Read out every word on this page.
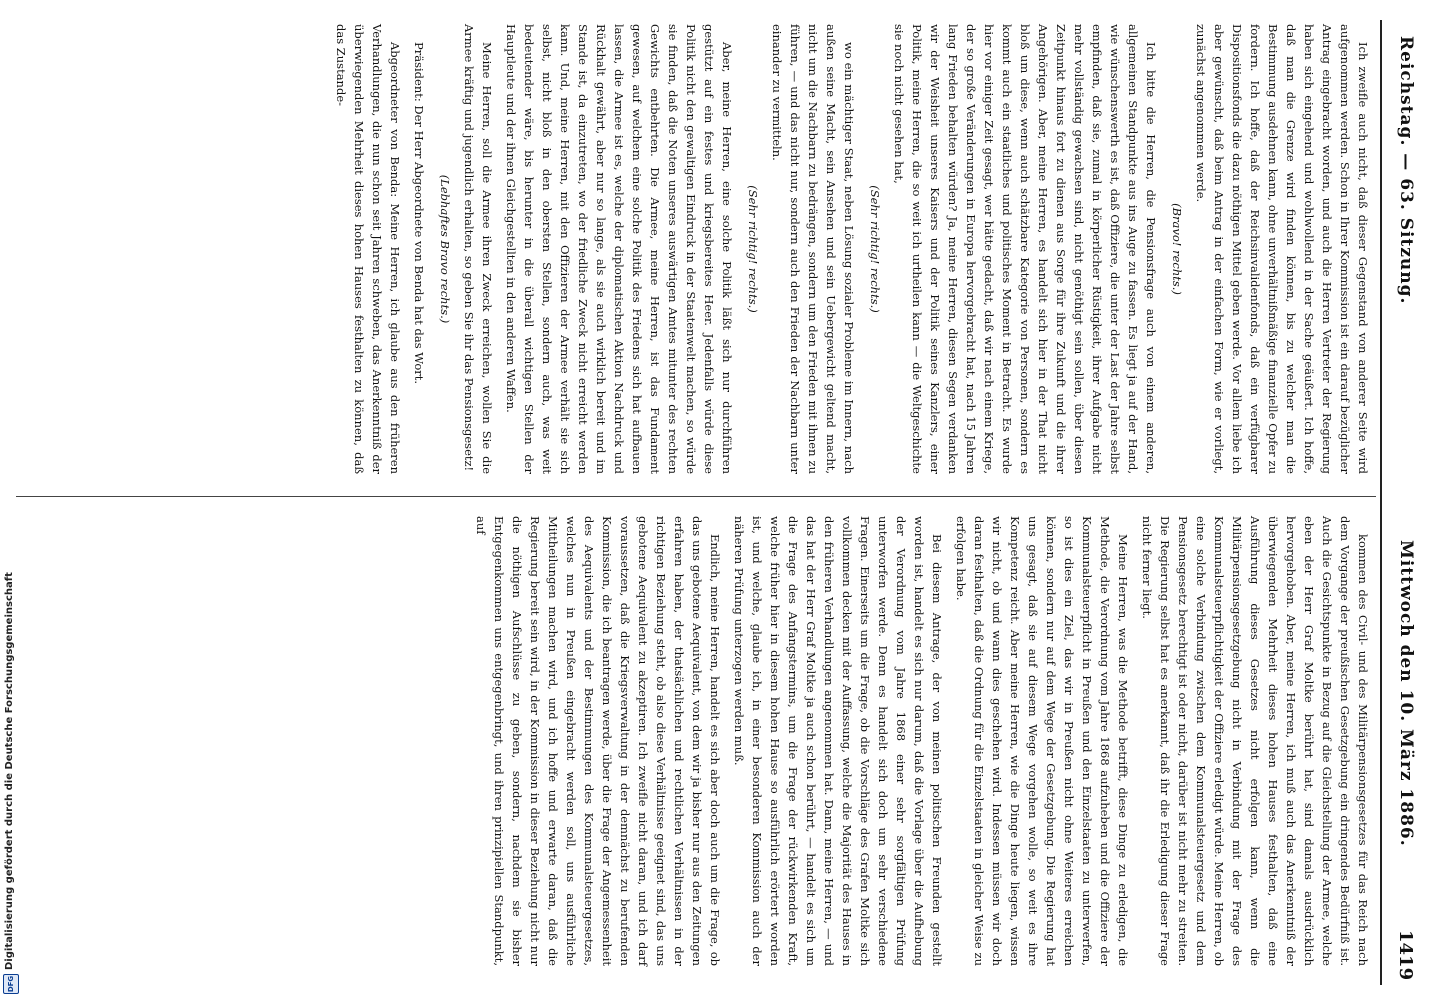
Reichstag. — 63. Sitzung.
Mittwoch den 10. März 1886.
1419

Ich zweifle auch nicht, daß dieser Gegenstand von anderer Seite wird aufgenommen werden. Schon in Ihrer Kommission ist ein darauf bezüglicher Antrag eingebracht worden, und auch die Herren Vertreter der Regierung haben sich eingehend und wohlwollend in der Sache geäußert. Ich hoffe, daß man die Grenze wird finden können, bis zu welcher man die Bestimmung ausdehnen kann, ohne unverhältnißmäßige finanzielle Opfer zu fordern. Ich hoffe, daß der Reichsinvalidenfonds, daß ein verfügbarer Dispositionsfonds die dazu nöthigen Mittel geben werde. Vor allem liebe ich aber gewünscht, daß beim Antrag in der einfachen Form, wie er vorliegt, zunächst angenommen werde.

(Bravo! rechts.)

Ich bitte die Herren, die Pensionsfrage auch von einem anderen, allgemeinen Standpunkte aus ins Auge zu fassen. Es liegt ja auf der Hand, wie wünschenswerth es ist, daß Offiziere, die unter der Last der Jahre selbst empfinden, daß sie, zumal in körperlicher Rüstigkeit, ihrer Aufgabe nicht mehr vollständig gewachsen sind, nicht genöthigt sein sollen, über diesen Zeitpunkt hinaus fort zu dienen aus Sorge für ihre Zukunft und die ihrer Angehörigen. Aber, meine Herren, es handelt sich hier in der That nicht bloß um diese, wenn auch schätzbare Kategorie von Personen, sondern es kommt auch ein staatliches und politisches Moment in Betracht. Es wurde hier vor einiger Zeit gesagt, wer hätte gedacht, daß wir nach einem Kriege, der so große Veränderungen in Europa hervorgebracht hat, nach 15 Jahren lang Frieden behalten würden? Ja, meine Herren, diesen Segen verdanken wir der Weisheit unseres Kaisers und der Politik seines Kanzlers, einer Politik, meine Herren, die so weit ich urtheilen kann — die Weltgeschichte sie noch nicht gesehen hat,

(Sehr richtig! rechts.)

wo ein mächtiger Staat, neben Lösung sozialer Probleme im Innern, nach außen seine Macht, sein Ansehen und sein Uebergewicht geltend macht, nicht um die Nachbarn zu bedrängen, sondern um den Frieden mit ihnen zu führen, — und das nicht nur, sondern auch den Frieden der Nachbarn unter einander zu vermitteln.

(Sehr richtig! rechts.)

Aber, meine Herren, eine solche Politik läßt sich nur durchführen gestützt auf ein festes und kriegsbereites Heer. Jedenfalls würde diese Politik nicht den gewaltigen Eindruck in der Staatenwelt machen, so würde sie finden, daß die Noten unseres auswärtigen Amtes mitunter des rechten Gewichts entbehrten. Die Armee, meine Herren, ist das Fundament gewesen, auf welchem eine solche Politik des Friedens sich hat aufbauen lassen, die Armee ist es, welche der diplomatischen Aktion Nachdruck und Rückhalt gewährt, aber nur so lange, als sie auch wirklich bereit und im Stande ist, da einzutreten, wo der friedliche Zweck nicht erreicht werden kann. Und, meine Herren, mit den Offizieren der Armee verhält sie sich selbst, nicht bloß in den obersten Stellen, sondern auch, was weit bedeutender wäre, bis herunter in die überall wichtigen Stellen der Hauptleute und der ihnen Gleichgestellten in den anderen Waffen.

Meine Herren, soll die Armee ihren Zweck erreichen, wollen Sie die Armee kräftig und jugendlich erhalten, so geben Sie ihr das Pensionsgesetz!

(Lebhaftes Bravo rechts.)

Präsident: Der Herr Abgeordnete von Benda hat das Wort.

Abgeordneter von Benda: Meine Herren, ich glaube aus den früheren Verhandlungen, die nun schon seit Jahren schweben, das Anerkenntniß der überwiegenden Mehrheit dieses hohen Hauses festhalten zu können, daß das Zustande-

kommen des Civil- und des Militärpensionsgesetzes für das Reich nach dem Vorgange der preußischen Gesetzgebung ein dringendes Bedürfniß ist. Auch die Gesichtspunkte in Bezug auf die Gleichstellung der Armee, welche eben der Herr Graf Moltke berührt hat, sind damals ausdrücklich hervorgehoben. Aber, meine Herren, ich muß auch das Anerkenntniß der überwiegenden Mehrheit dieses hohen Hauses festhalten, daß eine Ausführung dieses Gesetzes nicht erfolgen kann, wenn die Militärpensionsgesetzgebung nicht in Verbindung mit der Frage des Kommunalsteuerpflichtigkeit der Offiziere erledigt würde. Meine Herren, ob eine solche Verbindung zwischen dem Kommunalsteuergesetz und dem Pensionsgesetz berechtigt ist oder nicht, darüber ist nicht mehr zu streiten. Die Regierung selbst hat es anerkannt, daß ihr die Erledigung dieser Frage nicht ferner liegt.

Meine Herren, was die Methode betrifft, diese Dinge zu erledigen, die Methode, die Verordnung vom Jahre 1868 aufzuheben und die Offiziere der Kommunalsteuerpflicht in Preußen und den Einzelstaaten zu unterwerfen, so ist dies ein Ziel, das wir in Preußen nicht ohne Weiteres erreichen können, sondern nur auf dem Wege der Gesetzgebung. Die Regierung hat uns gesagt, daß sie auf diesem Wege vorgehen wolle, so weit es ihre Kompetenz reicht. Aber meine Herren, wie die Dinge heute liegen, wissen wir nicht, ob und wann dies geschehen wird. Indessen müssen wir doch daran festhalten, daß die Ordnung für die Einzelstaaten in gleicher Weise zu erfolgen habe.

Bei diesem Antrage, der von meinen politischen Freunden gestellt worden ist, handelt es sich nur darum, daß die Vorlage über die Aufhebung der Verordnung vom Jahre 1868 einer sehr sorgfältigen Prüfung unterworfen werde. Denn es handelt sich doch um sehr verschiedene Fragen. Einerseits um die Frage, ob die Vorschläge des Grafen Moltke sich vollkommen decken mit der Auffassung, welche die Majorität des Hauses in den früheren Verhandlungen angenommen hat. Dann, meine Herren, — und das hat der Herr Graf Moltke ja auch schon berührt, — handelt es sich um die Frage des Anfangstermins, um die Frage der rückwirkenden Kraft, welche früher hier in diesem hohen Hause so ausführlich erörtert worden ist, und welche, glaube ich, in einer besonderen Kommission auch der näheren Prüfung unterzogen werden muß.

Endlich, meine Herren, handelt es sich aber doch auch um die Frage, ob das uns gebotene Aequivalent, von dem wir ja bisher nur aus den Zeitungen erfahren haben, der thatsächlichen und rechtlichen Verhältnissen in der richtigen Beziehung steht, ob also diese Verhältnisse geeignet sind, das uns gebotene Aequivalent zu akzeptiren. Ich zweifle nicht daran, und ich darf voraussetzen, daß die Kriegsverwaltung in der demnächst zu berufenden Kommission, die ich beantragen werde, über die Frage der Angemessenheit des Aequivalents und der Bestimmungen des Kommunalsteuergesetzes, welches nun in Preußen eingebracht werden soll, uns ausführliche Mittheilungen machen wird, und ich hoffe und erwarte daran, daß die Regierung bereit sein wird, in der Kommission in dieser Beziehung nicht nur die nöthigen Aufschlüsse zu geben, sondern, nachdem sie bisher Entgegenkommen uns entgegenbringt, und ihren prinzipiellen Standpunkt, auf

DFG
Digitalisierung gefördert durch die Deutsche Forschungsgemeinschaft
